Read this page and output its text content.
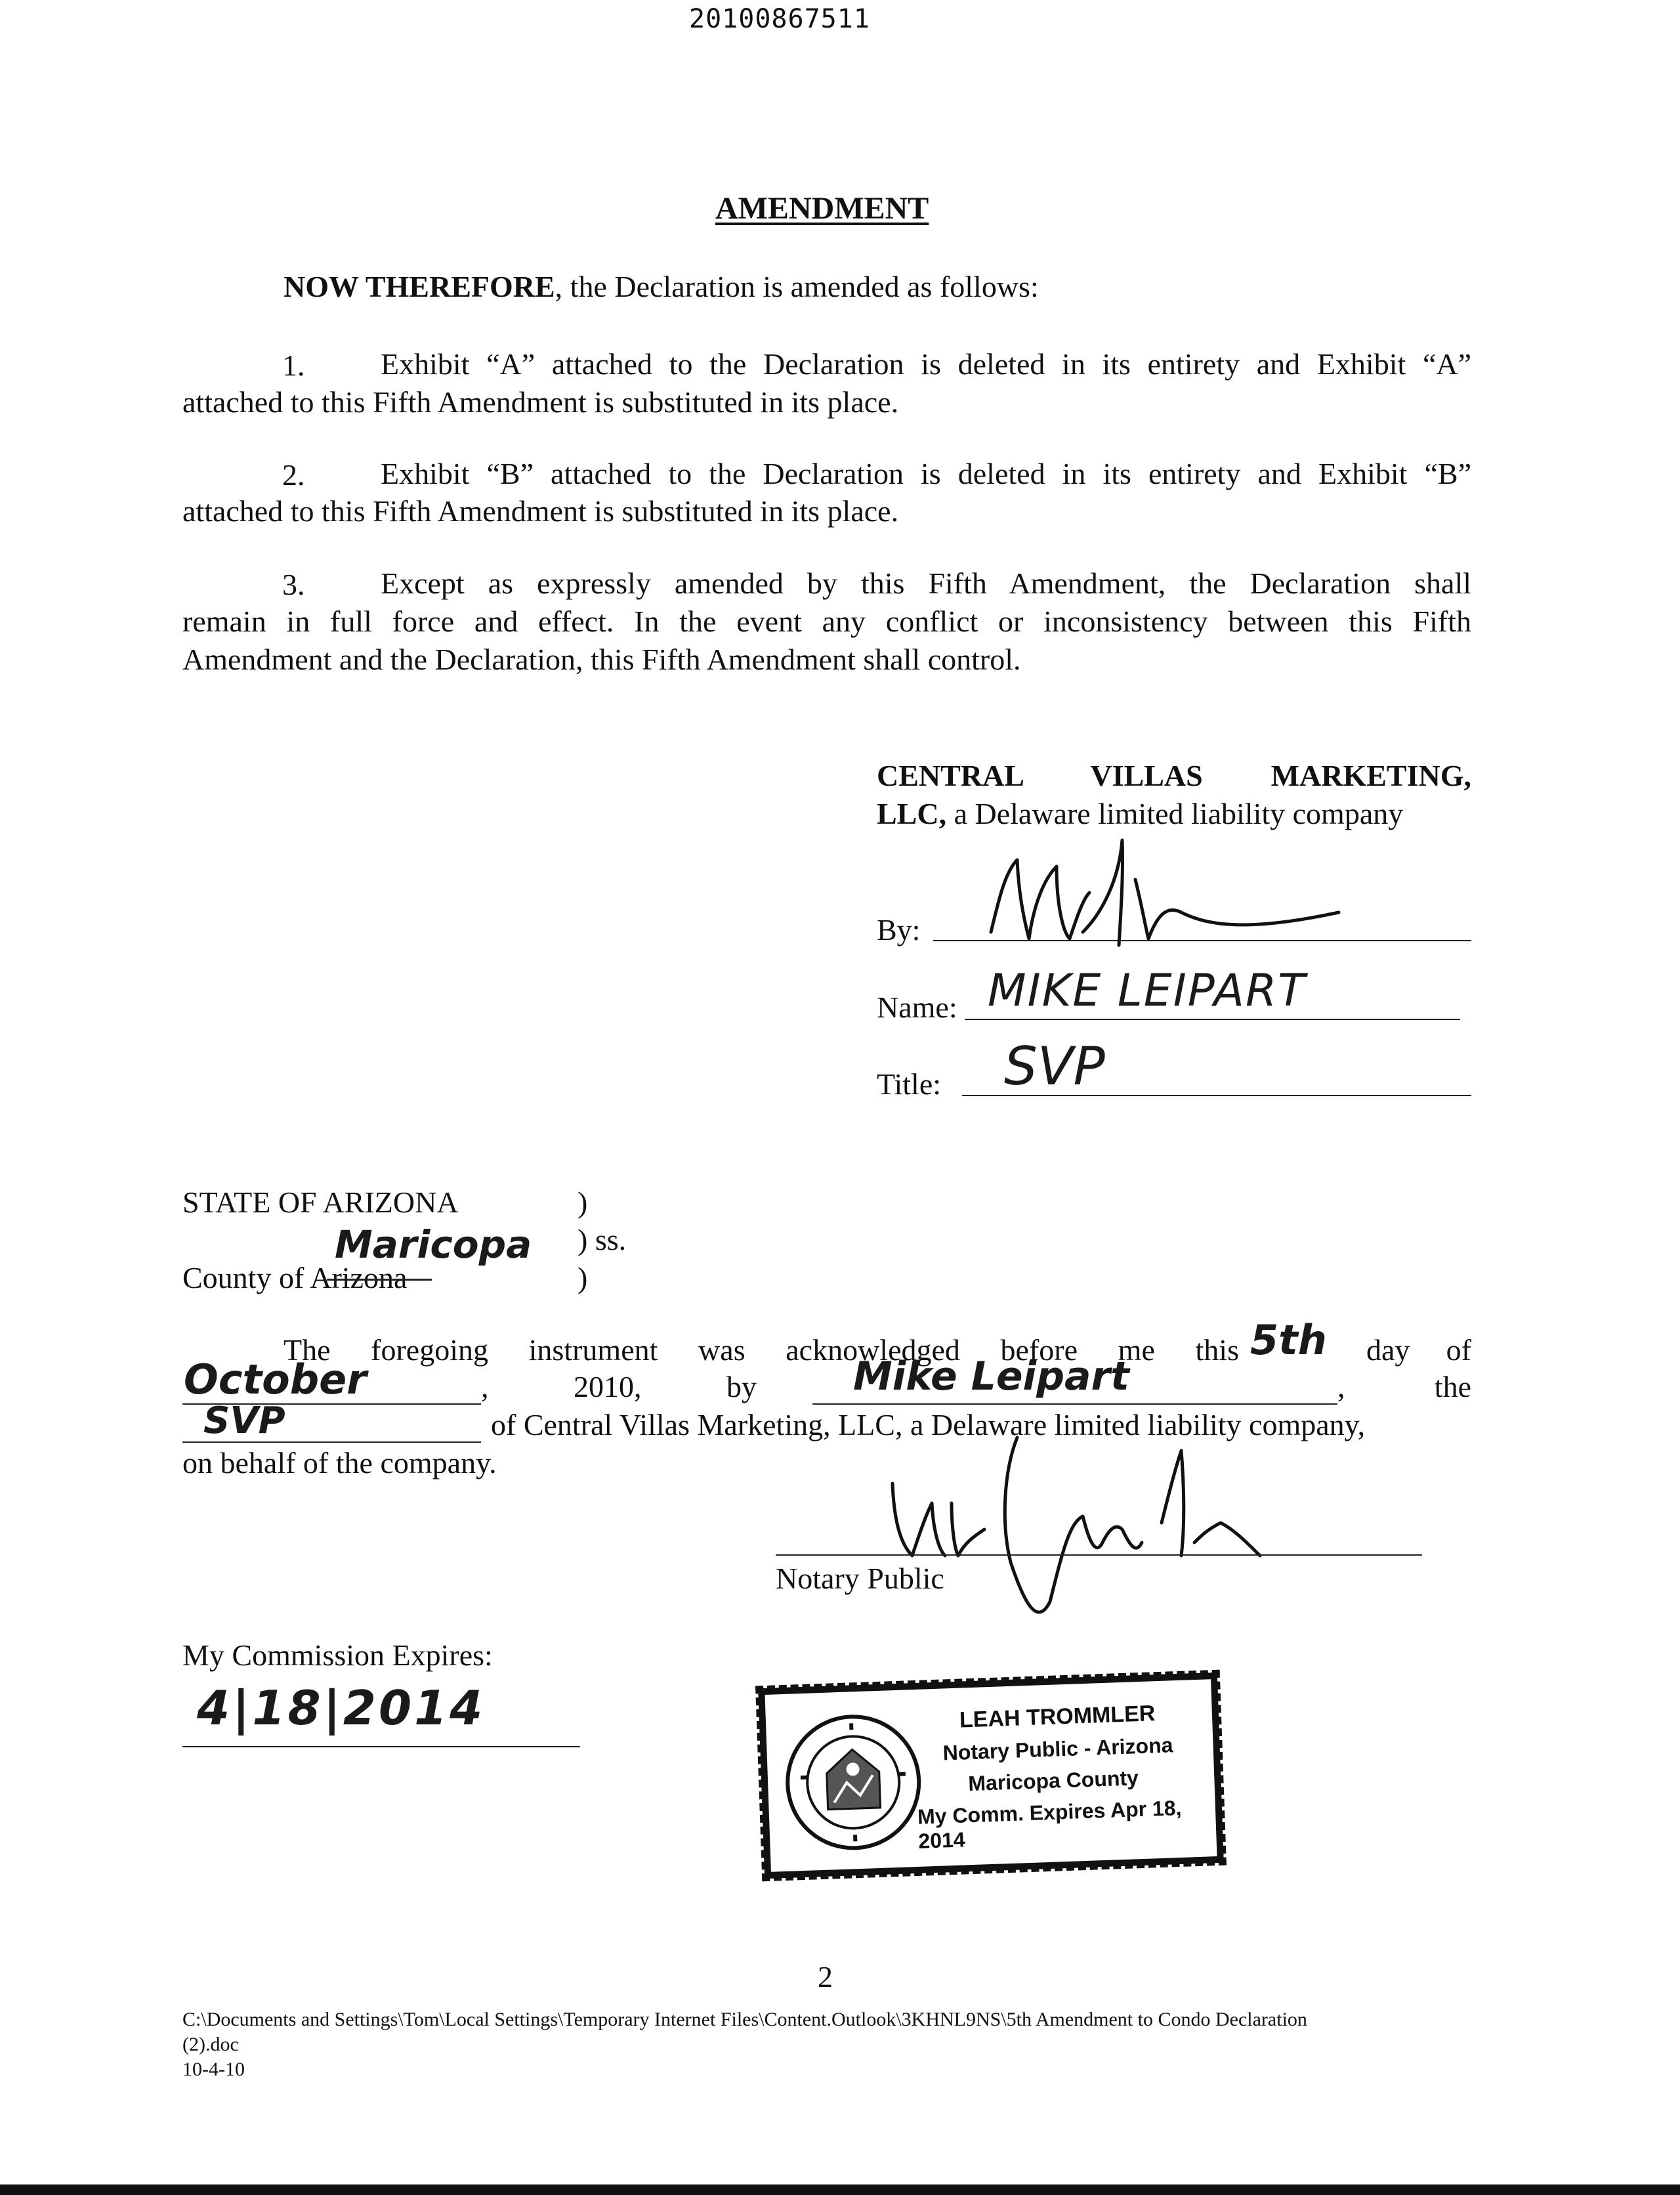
20100867511
AMENDMENT
NOW THEREFORE, the Declaration is amended as follows:
1.	Exhibit “A” attached to the Declaration is deleted in its entirety and Exhibit “A”
attached to this Fifth Amendment is substituted in its place.
2.	Exhibit “B” attached to the Declaration is deleted in its entirety and Exhibit “B”
attached to this Fifth Amendment is substituted in its place.
3.	Except as expressly amended by this Fifth Amendment, the Declaration shall
remain in full force and effect. In the event any conflict or inconsistency between this Fifth
Amendment and the Declaration, this Fifth Amendment shall control.
CENTRAL VILLAS MARKETING,
LLC, a Delaware limited liability company
By:
Name: MIKE LEIPART
Title: SVP
STATE OF ARIZONA	)
) ss.
County of Arizona	)
Maricopa
The foregoing instrument was acknowledged before me this 5th day of
October	, 2010, by Mike Leipart	, the
SVP	of Central Villas Marketing, LLC, a Delaware limited liability company,
on behalf of the company.
Notary Public
My Commission Expires:
4|18|2014	LEAH TROMMLER
Notary Public - Arizona
Maricopa County
My Comm. Expires Apr 18, 2014
2
C:\Documents and Settings\Tom\Local Settings\Temporary Internet Files\Content.Outlook\3KHNL9NS\5th Amendment to Condo Declaration
(2).doc
10-4-10
